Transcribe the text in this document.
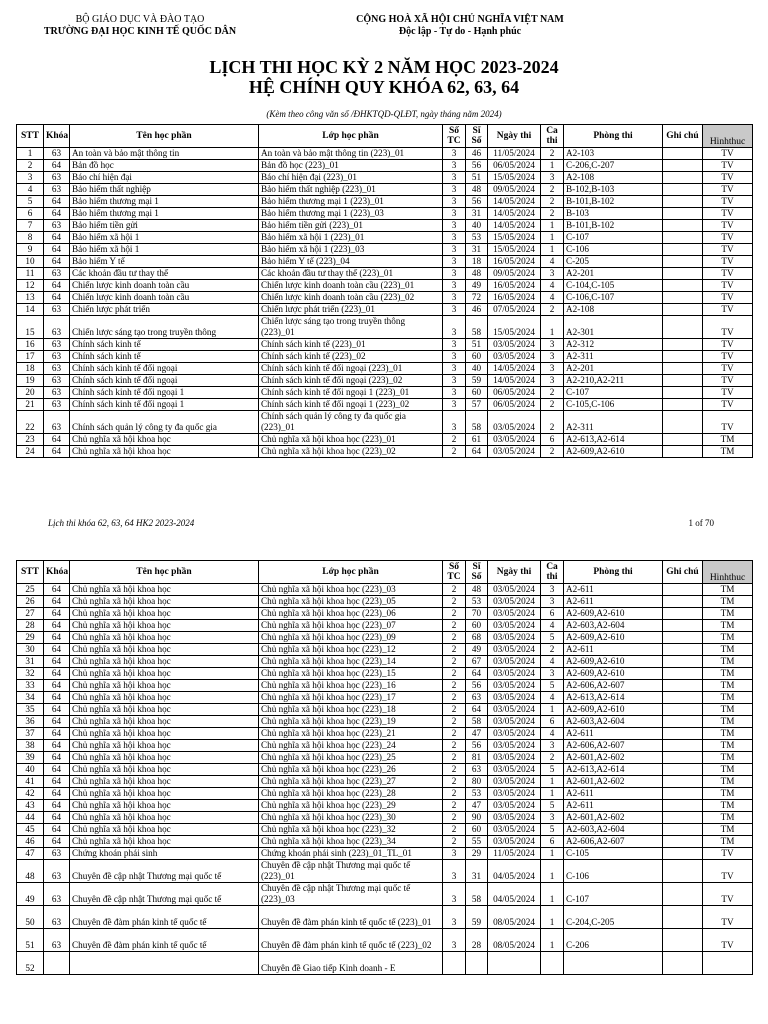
BỘ GIÁO DỤC VÀ ĐÀO TẠO
TRƯỜNG ĐẠI HỌC KINH TẾ QUỐC DÂN
CỘNG HOÀ XÃ HỘI CHỦ NGHĨA VIỆT NAM
Độc lập - Tự do - Hạnh phúc
LỊCH THI HỌC KỲ 2 NĂM HỌC 2023-2024
HỆ CHÍNH QUY KHÓA 62, 63, 64
(Kèm theo công văn số /ĐHKTQD-QLĐT, ngày tháng năm 2024)
STT	Khóa	Tên học phần	Lớp học phần	Số TC	Sĩ Số	Ngày thi	Ca thi	Phòng thi	Ghi chú	Hinhthuc
1	63	An toàn và bảo mật thông tin	An toàn và bảo mật thông tin (223)_01	3	46	11/05/2024	2	A2-103		TV
2	64	Bản đồ học	Bản đồ học (223)_01	3	56	06/05/2024	1	C-206,C-207		TV
3	63	Báo chí hiện đại	Báo chí hiện đại (223)_01	3	51	15/05/2024	3	A2-108		TV
4	63	Bảo hiểm thất nghiệp	Bảo hiểm thất nghiệp (223)_01	3	48	09/05/2024	2	B-102,B-103		TV
5	64	Bảo hiểm thương mại 1	Bảo hiểm thương mại 1 (223)_01	3	56	14/05/2024	2	B-101,B-102		TV
6	64	Bảo hiểm thương mại 1	Bảo hiểm thương mại 1 (223)_03	3	31	14/05/2024	2	B-103		TV
7	63	Bảo hiểm tiền gửi	Bảo hiểm tiền gửi (223)_01	3	40	14/05/2024	1	B-101,B-102		TV
8	64	Bảo hiểm xã hội 1	Bảo hiểm xã hội 1 (223)_01	3	53	15/05/2024	1	C-107		TV
9	64	Bảo hiểm xã hội 1	Bảo hiểm xã hội 1 (223)_03	3	31	15/05/2024	1	C-106		TV
10	64	Bảo hiểm Y tế	Bảo hiểm Y tế (223)_04	3	18	16/05/2024	4	C-205		TV
11	63	Các khoản đầu tư thay thế	Các khoản đầu tư thay thế (223)_01	3	48	09/05/2024	3	A2-201		TV
12	64	Chiến lược kinh doanh toàn cầu	Chiến lược kinh doanh toàn cầu (223)_01	3	49	16/05/2024	4	C-104,C-105		TV
13	64	Chiến lược kinh doanh toàn cầu	Chiến lược kinh doanh toàn cầu (223)_02	3	72	16/05/2024	4	C-106,C-107		TV
14	63	Chiến lược phát triển	Chiến lược phát triển (223)_01	3	46	07/05/2024	2	A2-108		TV
15	63	Chiến lược sáng tạo trong truyền thông	Chiến lược sáng tạo trong truyền thông (223)_01	3	58	15/05/2024	1	A2-301		TV
16	63	Chính sách kinh tế	Chính sách kinh tế (223)_01	3	51	03/05/2024	3	A2-312		TV
17	63	Chính sách kinh tế	Chính sách kinh tế (223)_02	3	60	03/05/2024	3	A2-311		TV
18	63	Chính sách kinh tế đối ngoại	Chính sách kinh tế đối ngoại (223)_01	3	40	14/05/2024	3	A2-201		TV
19	63	Chính sách kinh tế đối ngoại	Chính sách kinh tế đối ngoại (223)_02	3	59	14/05/2024	3	A2-210,A2-211		TV
20	63	Chính sách kinh tế đối ngoại 1	Chính sách kinh tế đối ngoại 1 (223)_01	3	60	06/05/2024	2	C-107		TV
21	63	Chính sách kinh tế đối ngoại 1	Chính sách kinh tế đối ngoại 1 (223)_02	3	57	06/05/2024	2	C-105,C-106		TV
22	63	Chính sách quản lý công ty đa quốc gia	Chính sách quản lý công ty đa quốc gia (223)_01	3	58	03/05/2024	2	A2-311		TV
23	64	Chủ nghĩa xã hội khoa học	Chủ nghĩa xã hội khoa học (223)_01	2	61	03/05/2024	6	A2-613,A2-614		TM
24	64	Chủ nghĩa xã hội khoa học	Chủ nghĩa xã hội khoa học (223)_02	2	64	03/05/2024	2	A2-609,A2-610		TM
Lịch thi khóa 62, 63, 64 HK2 2023-2024	1 of 70
STT	Khóa	Tên học phần	Lớp học phần	Số TC	Sĩ Số	Ngày thi	Ca thi	Phòng thi	Ghi chú	Hinhthuc
25	64	Chủ nghĩa xã hội khoa học	Chủ nghĩa xã hội khoa học (223)_03	2	48	03/05/2024	3	A2-611		TM
26	64	Chủ nghĩa xã hội khoa học	Chủ nghĩa xã hội khoa học (223)_05	2	53	03/05/2024	3	A2-611		TM
27	64	Chủ nghĩa xã hội khoa học	Chủ nghĩa xã hội khoa học (223)_06	2	70	03/05/2024	6	A2-609,A2-610		TM
28	64	Chủ nghĩa xã hội khoa học	Chủ nghĩa xã hội khoa học (223)_07	2	60	03/05/2024	4	A2-603,A2-604		TM
29	64	Chủ nghĩa xã hội khoa học	Chủ nghĩa xã hội khoa học (223)_09	2	68	03/05/2024	5	A2-609,A2-610		TM
30	64	Chủ nghĩa xã hội khoa học	Chủ nghĩa xã hội khoa học (223)_12	2	49	03/05/2024	2	A2-611		TM
31	64	Chủ nghĩa xã hội khoa học	Chủ nghĩa xã hội khoa học (223)_14	2	67	03/05/2024	4	A2-609,A2-610		TM
32	64	Chủ nghĩa xã hội khoa học	Chủ nghĩa xã hội khoa học (223)_15	2	64	03/05/2024	3	A2-609,A2-610		TM
33	64	Chủ nghĩa xã hội khoa học	Chủ nghĩa xã hội khoa học (223)_16	2	56	03/05/2024	5	A2-606,A2-607		TM
34	64	Chủ nghĩa xã hội khoa học	Chủ nghĩa xã hội khoa học (223)_17	2	63	03/05/2024	4	A2-613,A2-614		TM
35	64	Chủ nghĩa xã hội khoa học	Chủ nghĩa xã hội khoa học (223)_18	2	64	03/05/2024	1	A2-609,A2-610		TM
36	64	Chủ nghĩa xã hội khoa học	Chủ nghĩa xã hội khoa học (223)_19	2	58	03/05/2024	6	A2-603,A2-604		TM
37	64	Chủ nghĩa xã hội khoa học	Chủ nghĩa xã hội khoa học (223)_21	2	47	03/05/2024	4	A2-611		TM
38	64	Chủ nghĩa xã hội khoa học	Chủ nghĩa xã hội khoa học (223)_24	2	56	03/05/2024	3	A2-606,A2-607		TM
39	64	Chủ nghĩa xã hội khoa học	Chủ nghĩa xã hội khoa học (223)_25	2	81	03/05/2024	2	A2-601,A2-602		TM
40	64	Chủ nghĩa xã hội khoa học	Chủ nghĩa xã hội khoa học (223)_26	2	63	03/05/2024	5	A2-613,A2-614		TM
41	64	Chủ nghĩa xã hội khoa học	Chủ nghĩa xã hội khoa học (223)_27	2	80	03/05/2024	1	A2-601,A2-602		TM
42	64	Chủ nghĩa xã hội khoa học	Chủ nghĩa xã hội khoa học (223)_28	2	53	03/05/2024	1	A2-611		TM
43	64	Chủ nghĩa xã hội khoa học	Chủ nghĩa xã hội khoa học (223)_29	2	47	03/05/2024	5	A2-611		TM
44	64	Chủ nghĩa xã hội khoa học	Chủ nghĩa xã hội khoa học (223)_30	2	90	03/05/2024	3	A2-601,A2-602		TM
45	64	Chủ nghĩa xã hội khoa học	Chủ nghĩa xã hội khoa học (223)_32	2	60	03/05/2024	5	A2-603,A2-604		TM
46	64	Chủ nghĩa xã hội khoa học	Chủ nghĩa xã hội khoa học (223)_34	2	55	03/05/2024	6	A2-606,A2-607		TM
47	63	Chứng khoán phái sinh	Chứng khoán phái sinh (223)_01_TL_01	3	29	11/05/2024	1	C-105		TV
48	63	Chuyên đề cập nhật Thương mại quốc tế	Chuyên đề cập nhật Thương mại quốc tế (223)_01	3	31	04/05/2024	1	C-106		TV
49	63	Chuyên đề cập nhật Thương mại quốc tế	Chuyên đề cập nhật Thương mại quốc tế (223)_03	3	58	04/05/2024	1	C-107		TV
50	63	Chuyên đề đàm phán kinh tế quốc tế	Chuyên đề đàm phán kinh tế quốc tế (223)_01	3	59	08/05/2024	1	C-204,C-205		TV
51	63	Chuyên đề đàm phán kinh tế quốc tế	Chuyên đề đàm phán kinh tế quốc tế (223)_02	3	28	08/05/2024	1	C-206		TV
52			Chuyên đề Giao tiếp Kinh doanh - E							
